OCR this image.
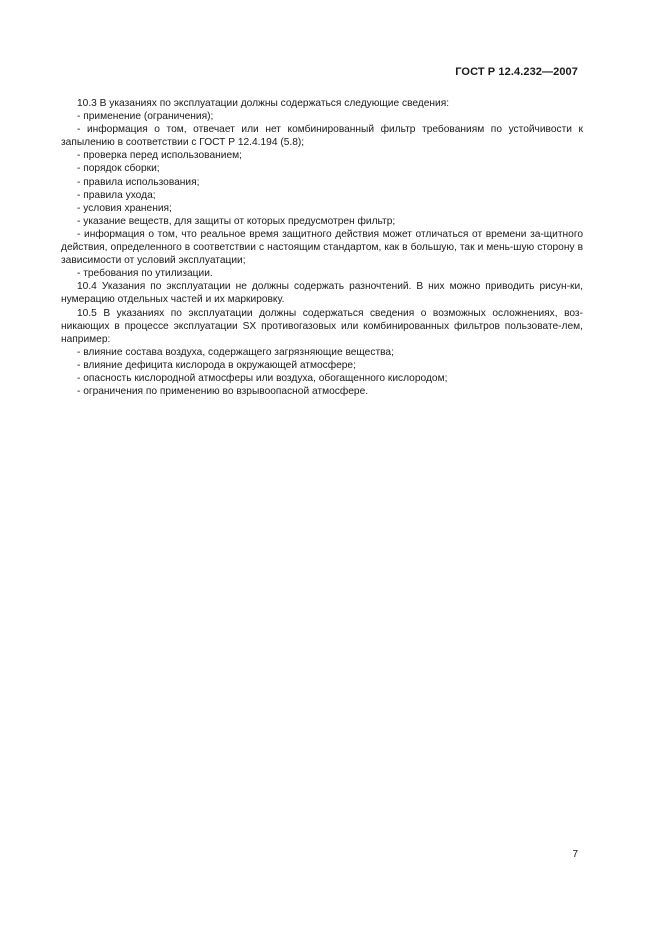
ГОСТ Р 12.4.232—2007

10.3 В указаниях по эксплуатации должны содержаться следующие сведения:

- применение (ограничения);

- информация о том, отвечает или нет комбинированный фильтр требованиям по устойчивости к запылению в соответствии с ГОСТ Р 12.4.194 (5.8);

- проверка перед использованием;

- порядок сборки;

- правила использования;

- правила ухода;

- условия хранения;

- указание веществ, для защиты от которых предусмотрен фильтр;

- информация о том, что реальное время защитного действия может отличаться от времени за-щитного действия, определенного в соответствии с настоящим стандартом, как в большую, так и мень-шую сторону в зависимости от условий эксплуатации;

- требования по утилизации.

10.4 Указания по эксплуатации не должны содержать разночтений. В них можно приводить рисун-ки, нумерацию отдельных частей и их маркировку.

10.5 В указаниях по эксплуатации должны содержаться сведения о возможных осложнениях, воз-никающих в процессе эксплуатации SX противогазовых или комбинированных фильтров пользовате-лем, например:

- влияние состава воздуха, содержащего загрязняющие вещества;

- влияние дефицита кислорода в окружающей атмосфере;

- опасность кислородной атмосферы или воздуха, обогащенного кислородом;

- ограничения по применению во взрывоопасной атмосфере.

7
